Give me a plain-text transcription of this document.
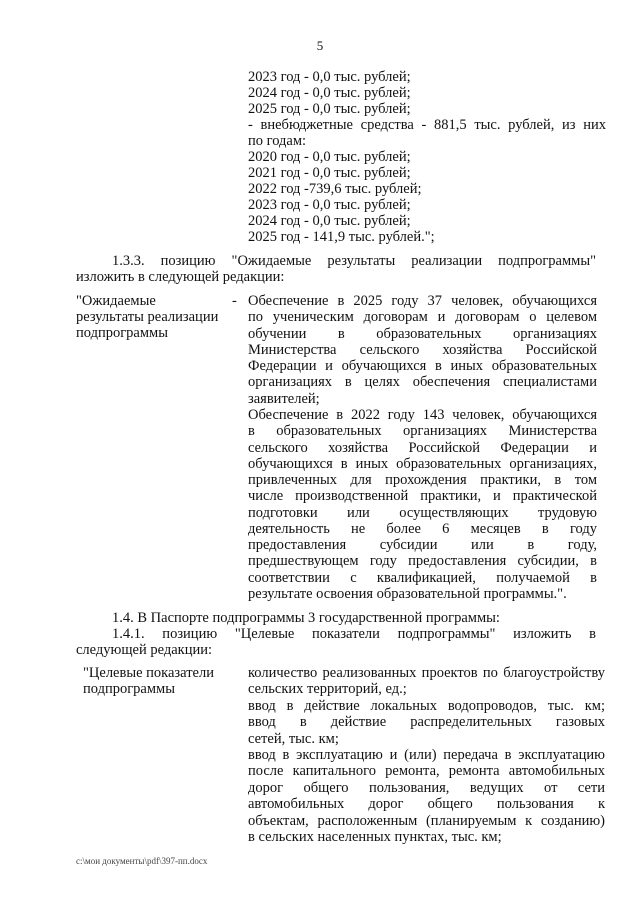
5
2023 год - 0,0 тыс. рублей;
2024 год - 0,0 тыс. рублей;
2025 год - 0,0 тыс. рублей;
- внебюджетные средства - 881,5 тыс. рублей, из них
по годам:
2020 год - 0,0 тыс. рублей;
2021 год - 0,0 тыс. рублей;
2022 год -739,6 тыс. рублей;
2023 год - 0,0 тыс. рублей;
2024 год - 0,0 тыс. рублей;
2025 год - 141,9 тыс. рублей.";
1.3.3. позицию "Ожидаемые результаты реализации подпрограммы"
изложить в следующей редакции:
"Ожидаемые
результаты реализации
подпрограммы
- Обеспечение в 2025 году 37 человек, обучающихся
по ученическим договорам и договорам о целевом
обучении в образовательных организациях
Министерства сельского хозяйства Российской
Федерации и обучающихся в иных образовательных
организациях в целях обеспечения специалистами
заявителей;
Обеспечение в 2022 году 143 человек, обучающихся
в образовательных организациях Министерства
сельского хозяйства Российской Федерации и
обучающихся в иных образовательных организациях,
привлеченных для прохождения практики, в том
числе производственной практики, и практической
подготовки или осуществляющих трудовую
деятельность не более 6 месяцев в году
предоставления субсидии или в году,
предшествующем году предоставления субсидии, в
соответствии с квалификацией, получаемой в
результате освоения образовательной программы.".
1.4. В Паспорте подпрограммы 3 государственной программы:
1.4.1. позицию "Целевые показатели подпрограммы" изложить в
следующей редакции:
"Целевые показатели
подпрограммы
количество реализованных проектов по благоустройству
сельских территорий, ед.;
ввод в действие локальных водопроводов, тыс. км;
ввод в действие распределительных газовых
сетей, тыс. км;
ввод в эксплуатацию и (или) передача в эксплуатацию
после капитального ремонта, ремонта автомобильных
дорог общего пользования, ведущих от сети
автомобильных дорог общего пользования к
объектам, расположенным (планируемым к созданию)
в сельских населенных пунктах, тыс. км;
c:\мои документы\pdf\397-пп.docx
